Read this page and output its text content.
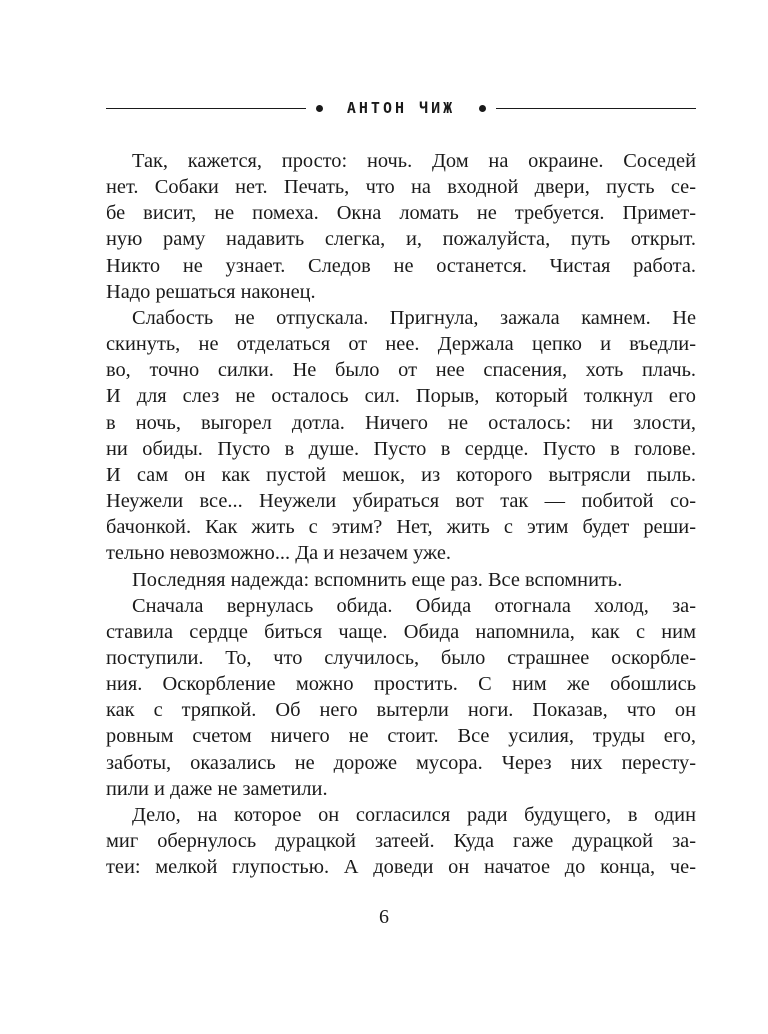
АНТОН ЧИЖ
Так, кажется, просто: ночь. Дом на окраине. Соседей
нет. Собаки нет. Печать, что на входной двери, пусть се-
бе висит, не помеха. Окна ломать не требуется. Примет-
ную раму надавить слегка, и, пожалуйста, путь открыт.
Никто не узнает. Следов не останется. Чистая работа.
Надо решаться наконец.
Слабость не отпускала. Пригнула, зажала камнем. Не
скинуть, не отделаться от нее. Держала цепко и въедли-
во, точно силки. Не было от нее спасения, хоть плачь.
И для слез не осталось сил. Порыв, который толкнул его
в ночь, выгорел дотла. Ничего не осталось: ни злости,
ни обиды. Пусто в душе. Пусто в сердце. Пусто в голове.
И сам он как пустой мешок, из которого вытрясли пыль.
Неужели все... Неужели убираться вот так — побитой со-
бачонкой. Как жить с этим? Нет, жить с этим будет реши-
тельно невозможно... Да и незачем уже.
Последняя надежда: вспомнить еще раз. Все вспомнить.
Сначала вернулась обида. Обида отогнала холод, за-
ставила сердце биться чаще. Обида напомнила, как с ним
поступили. То, что случилось, было страшнее оскорбле-
ния. Оскорбление можно простить. С ним же обошлись
как с тряпкой. Об него вытерли ноги. Показав, что он
ровным счетом ничего не стоит. Все усилия, труды его,
заботы, оказались не дороже мусора. Через них пересту-
пили и даже не заметили.
Дело, на которое он согласился ради будущего, в один
миг обернулось дурацкой затеей. Куда гаже дурацкой за-
теи: мелкой глупостью. А доведи он начатое до конца, че-
6
